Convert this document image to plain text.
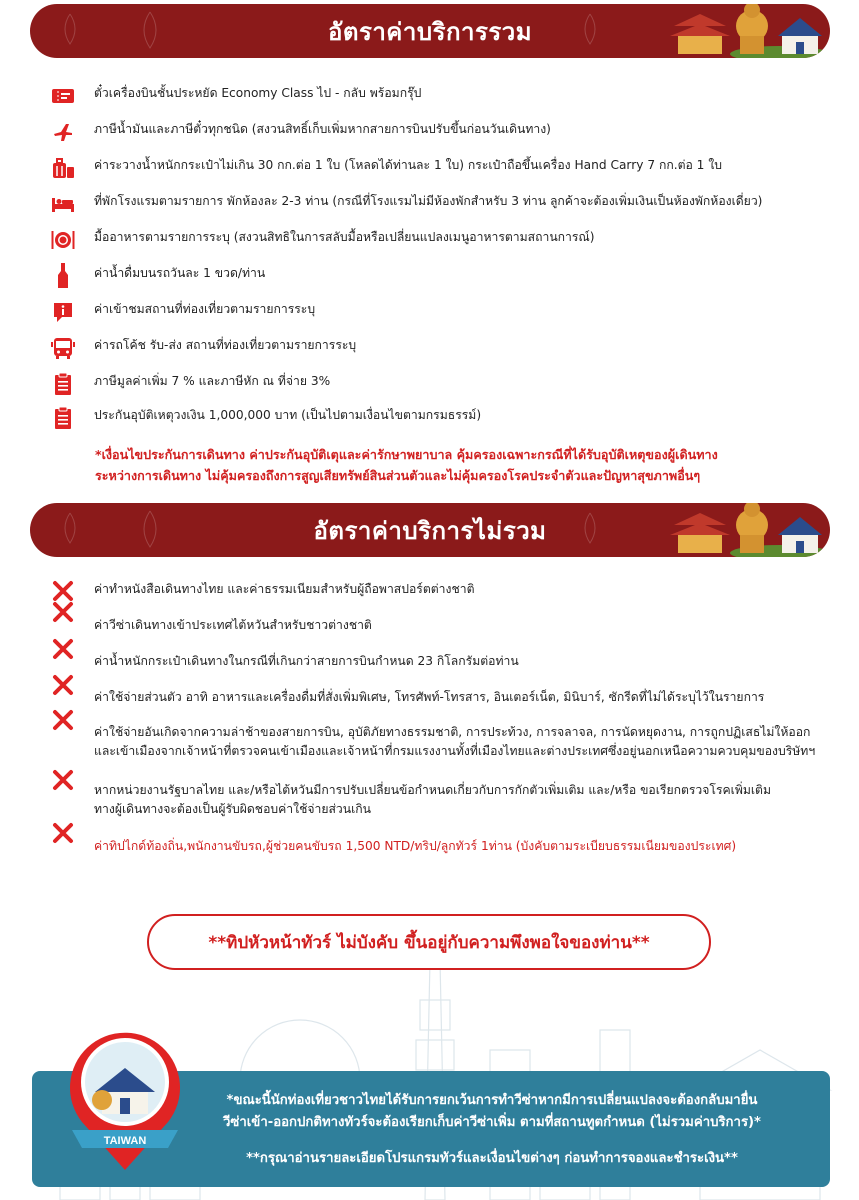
อัตราค่าบริการรวม
ตั๋วเครื่องบินชั้นประหยัด Economy Class ไป - กลับ พร้อมกรุ๊ป
ภาษีน้ำมันและภาษีตั๋วทุกชนิด (สงวนสิทธิ์เก็บเพิ่มหากสายการบินปรับขึ้นก่อนวันเดินทาง)
ค่าระวางน้ำหนักกระเป๋าไม่เกิน 30 กก.ต่อ 1 ใบ (โหลดได้ท่านละ 1 ใบ) กระเป๋าถือขึ้นเครื่อง Hand Carry 7 กก.ต่อ 1 ใบ
ที่พักโรงแรมตามรายการ พักห้องละ 2-3 ท่าน (กรณีที่โรงแรมไม่มีห้องพักสำหรับ 3 ท่าน ลูกค้าจะต้องเพิ่มเงินเป็นห้องพักห้องเดี่ยว)
มื้ออาหารตามรายการระบุ (สงวนสิทธิในการสลับมื้อหรือเปลี่ยนแปลงเมนูอาหารตามสถานการณ์)
ค่าน้ำดื่มบนรถวันละ 1 ขวด/ท่าน
ค่าเข้าชมสถานที่ท่องเที่ยวตามรายการระบุ
ค่ารถโค้ช รับ-ส่ง สถานที่ท่องเที่ยวตามรายการระบุ
ภาษีมูลค่าเพิ่ม 7 % และภาษีหัก ณ ที่จ่าย 3%
ประกันอุบัติเหตุวงเงิน 1,000,000 บาท (เป็นไปตามเงื่อนไขตามกรมธรรม์)
*เงื่อนไขประกันการเดินทาง ค่าประกันอุบัติเตุและค่ารักษาพยาบาล คุ้มครองเฉพาะกรณีที่ได้รับอุบัติเหตุของผู้เดินทาง
ระหว่างการเดินทาง ไม่คุ้มครองถึงการสูญเสียทรัพย์สินส่วนตัวและไม่คุ้มครองโรคประจำตัวและปัญหาสุขภาพอื่นๆ
อัตราค่าบริการไม่รวม
ค่าทำหนังสือเดินทางไทย และค่าธรรมเนียมสำหรับผู้ถือพาสปอร์ตต่างชาติ
ค่าวีซ่าเดินทางเข้าประเทศไต้หวันสำหรับชาวต่างชาติ
ค่าน้ำหนักกระเป๋าเดินทางในกรณีที่เกินกว่าสายการบินกำหนด 23 กิโลกรัมต่อท่าน
ค่าใช้จ่ายส่วนตัว อาทิ อาหารและเครื่องดื่มที่สั่งเพิ่มพิเศษ, โทรศัพท์-โทรสาร, อินเตอร์เน็ต, มินิบาร์, ซักรีดที่ไม่ได้ระบุไว้ในรายการ
ค่าใช้จ่ายอันเกิดจากความล่าช้าของสายการบิน, อุบัติภัยทางธรรมชาติ, การประท้วง, การจลาจล, การนัดหยุดงาน, การถูกปฏิเสธไม่ให้ออก
และเข้าเมืองจากเจ้าหน้าที่ตรวจคนเข้าเมืองและเจ้าหน้าที่กรมแรงงานทั้งที่เมืองไทยและต่างประเทศซึ่งอยู่นอกเหนือความควบคุมของบริษัทฯ
หากหน่วยงานรัฐบาลไทย และ/หรือไต้หวันมีการปรับเปลี่ยนข้อกำหนดเกี่ยวกับการกักตัวเพิ่มเติม และ/หรือ ขอเรียกตรวจโรคเพิ่มเติม
ทางผู้เดินทางจะต้องเป็นผู้รับผิดชอบค่าใช้จ่ายส่วนเกิน
ค่าทิปไกด์ท้องถิ่น,พนักงานขับรถ,ผู้ช่วยคนขับรถ 1,500 NTD/ทริป/ลูกทัวร์ 1ท่าน (บังคับตามระเบียบธรรมเนียมของประเทศ)
**ทิปหัวหน้าทัวร์ ไม่บังคับ ขึ้นอยู่กับความพึงพอใจของท่าน**
*ขณะนี้นักท่องเที่ยวชาวไทยได้รับการยกเว้นการทำวีซ่าหากมีการเปลี่ยนแปลงจะต้องกลับมายื่น
วีซ่าเข้า-ออกปกติทางทัวร์จะต้องเรียกเก็บค่าวีซ่าเพิ่ม ตามที่สถานทูตกำหนด (ไม่รวมค่าบริการ)*
**กรุณาอ่านรายละเอียดโปรแกรมทัวร์และเงื่อนไขต่างๆ ก่อนทำการจองและชำระเงิน**
TAIWAN
